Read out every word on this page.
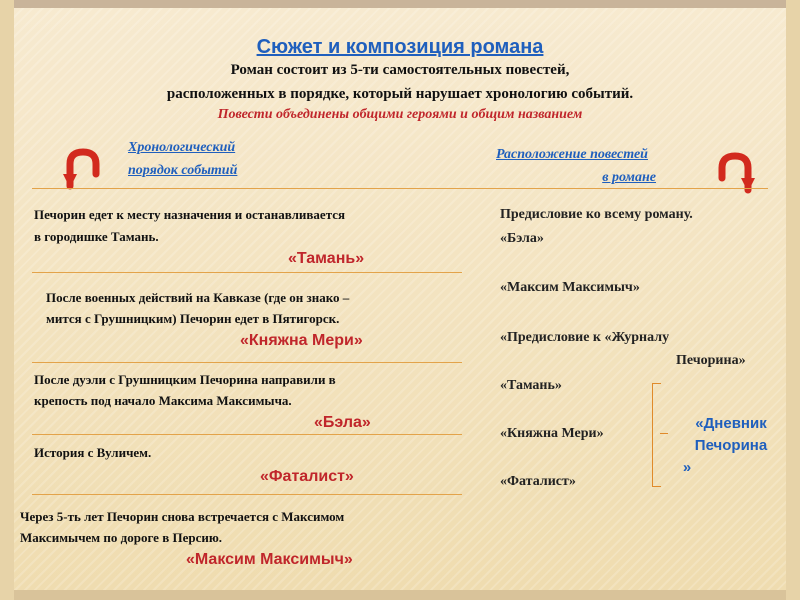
Сюжет и композиция романа
Роман состоит из 5-ти самостоятельных повестей,
расположенных в порядке, который нарушает хронологию событий.
Повести объединены общими героями и общим названием
Хронологический
порядок событий
Расположение повестей
в романе
Печорин едет к месту назначения и останавливается
в городишке Тамань.
«Тамань»
После военных действий на Кавказе (где он знако –
мится с Грушницким) Печорин едет в Пятигорск.
«Княжна Мери»
После дуэли с Грушницким Печорина направили в
крепость под начало Максима Максимыча.
«Бэла»
История с Вуличем.
«Фаталист»
Через 5-ть лет Печорин снова встречается с Максимом
Максимычем по дороге в Персию.
«Максим Максимыч»
Предисловие ко всему роману.
«Бэла»
«Максим Максимыч»
«Предисловие к «Журналу
Печорина»
«Тамань»
«Княжна Мери»
«Фаталист»
«Дневник
Печорина
»
